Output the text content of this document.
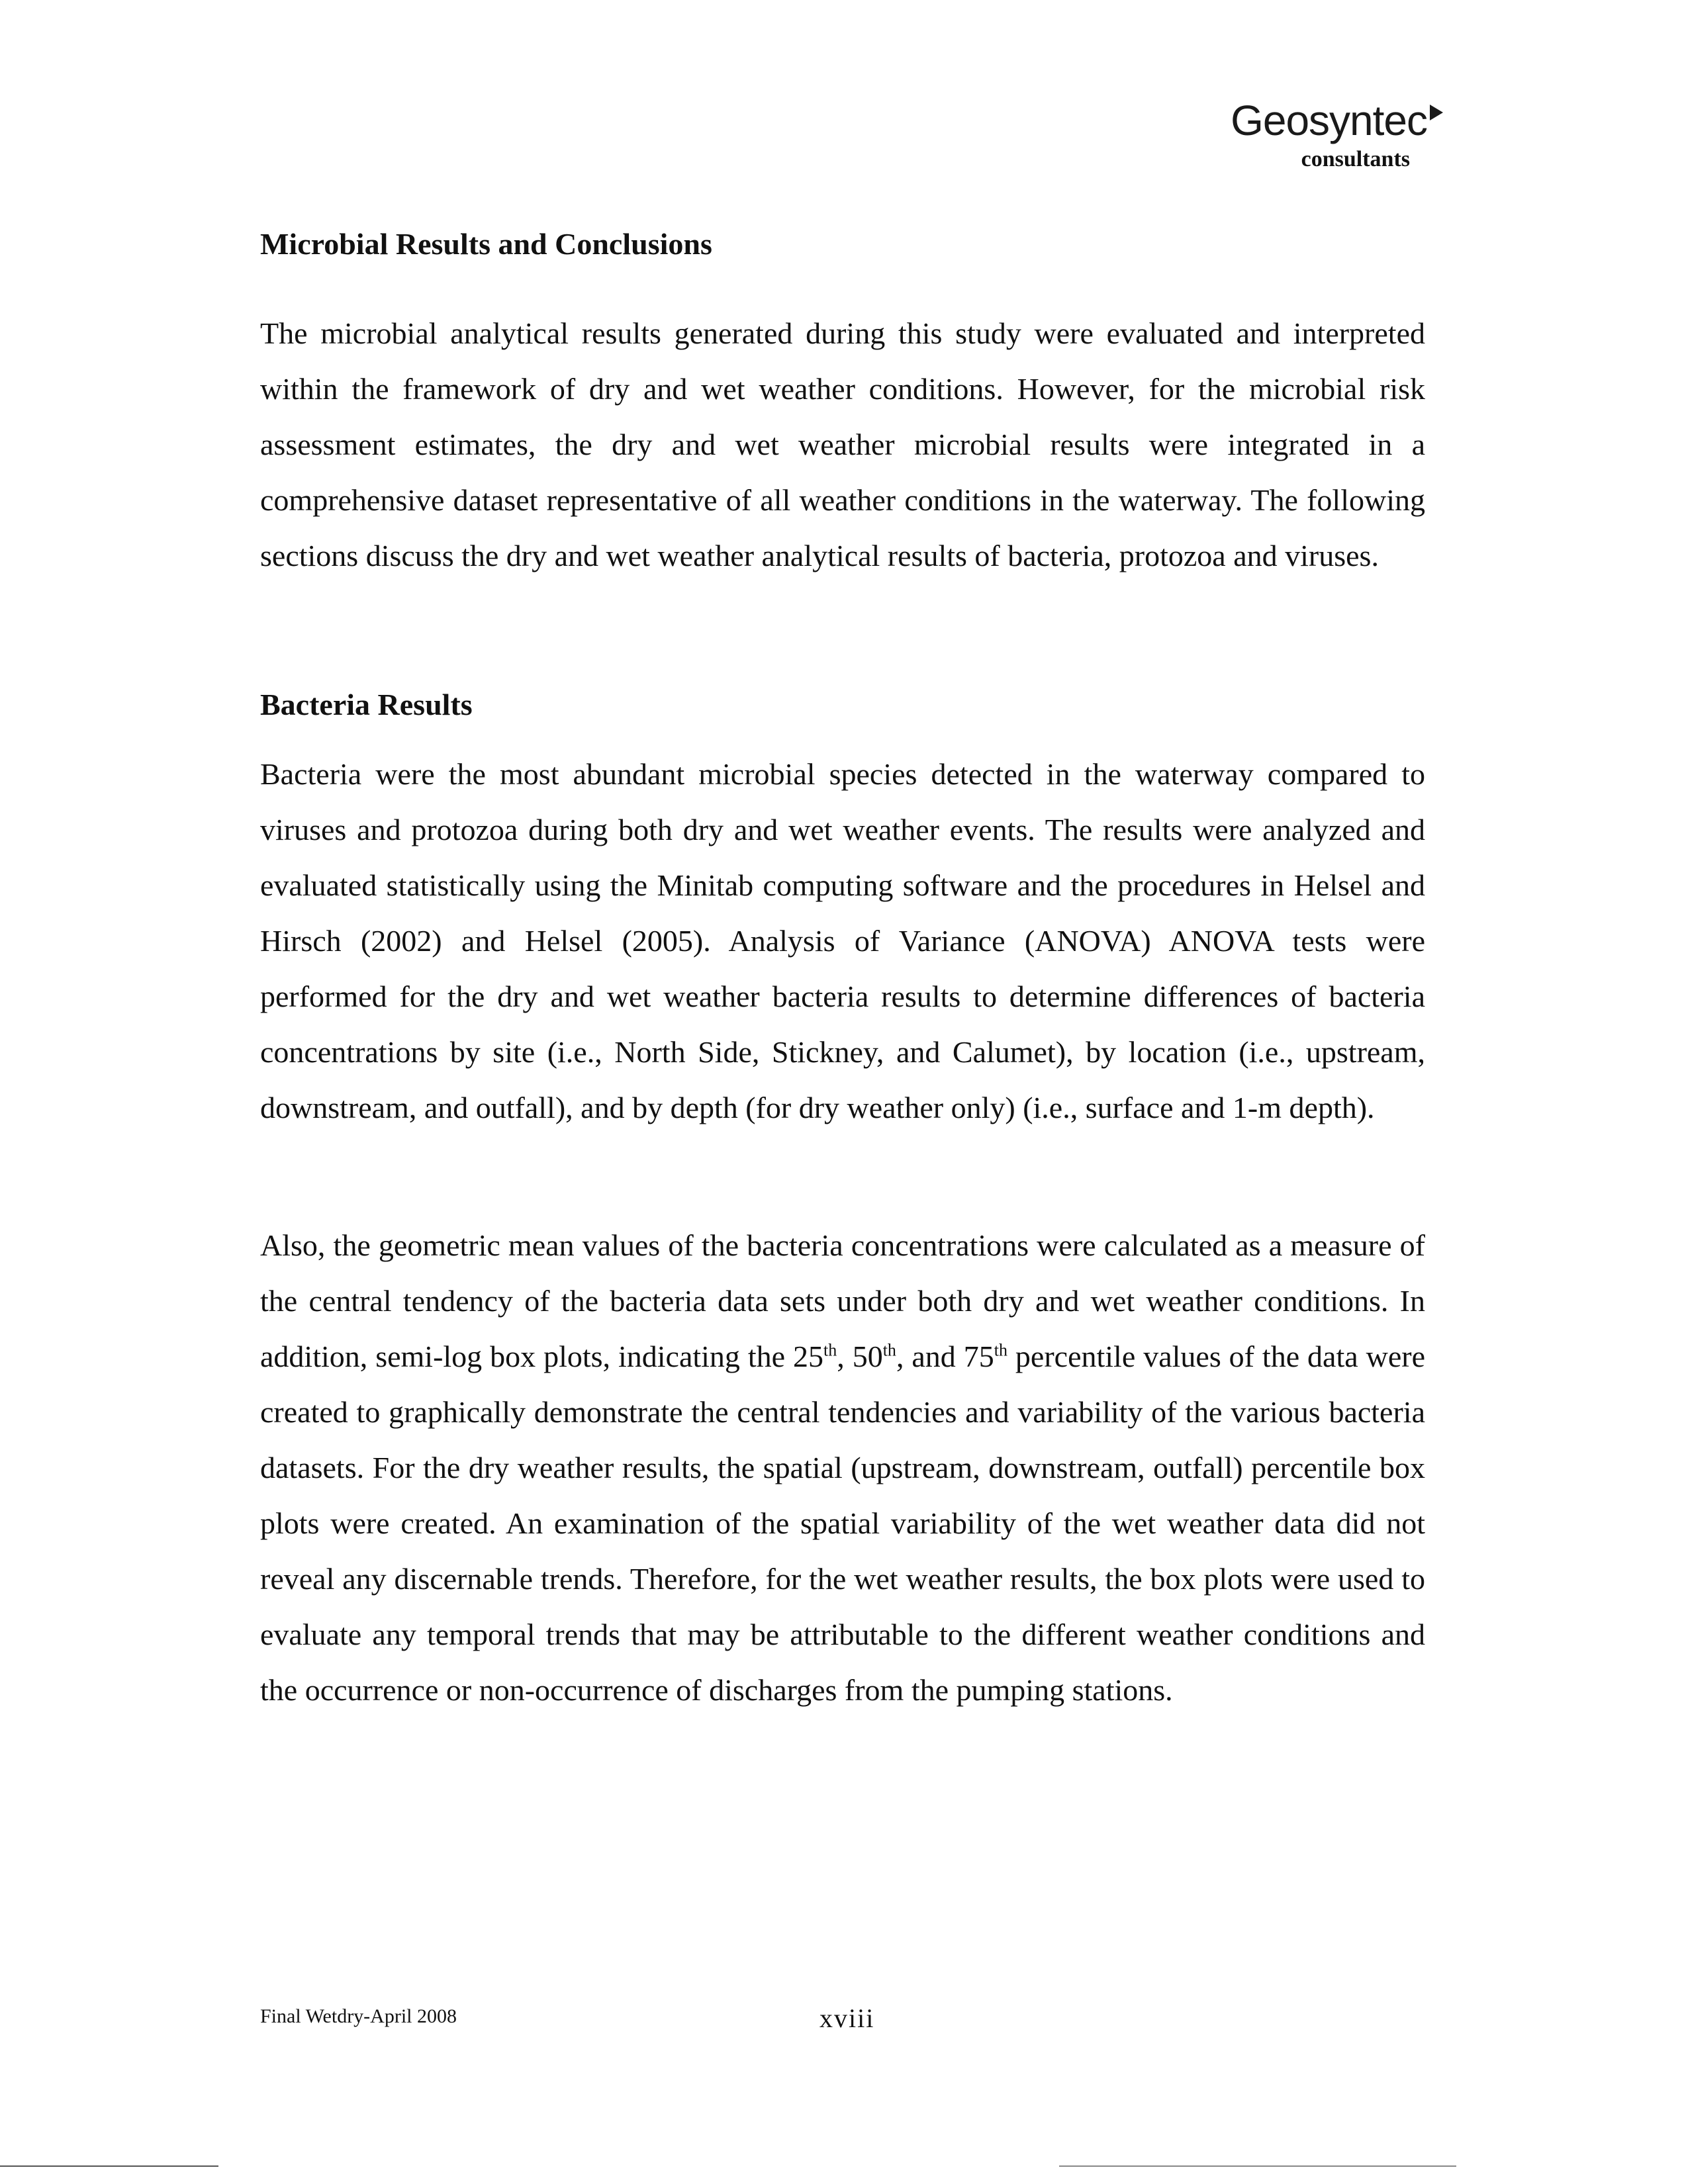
Geosyntec
consultants
Microbial Results and Conclusions
The microbial analytical results generated during this study were evaluated and interpreted within the framework of dry and wet weather conditions. However, for the microbial risk assessment estimates, the dry and wet weather microbial results were integrated in a comprehensive dataset representative of all weather conditions in the waterway. The following sections discuss the dry and wet weather analytical results of bacteria, protozoa and viruses.
Bacteria Results
Bacteria were the most abundant microbial species detected in the waterway compared to viruses and protozoa during both dry and wet weather events. The results were analyzed and evaluated statistically using the Minitab computing software and the procedures in Helsel and Hirsch (2002) and Helsel (2005). Analysis of Variance (ANOVA) ANOVA tests were performed for the dry and wet weather bacteria results to determine differences of bacteria concentrations by site (i.e., North Side, Stickney, and Calumet), by location (i.e., upstream, downstream, and outfall), and by depth (for dry weather only) (i.e., surface and 1-m depth).
Also, the geometric mean values of the bacteria concentrations were calculated as a measure of the central tendency of the bacteria data sets under both dry and wet weather conditions. In addition, semi-log box plots, indicating the 25th, 50th, and 75th percentile values of the data were created to graphically demonstrate the central tendencies and variability of the various bacteria datasets. For the dry weather results, the spatial (upstream, downstream, outfall) percentile box plots were created. An examination of the spatial variability of the wet weather data did not reveal any discernable trends. Therefore, for the wet weather results, the box plots were used to evaluate any temporal trends that may be attributable to the different weather conditions and the occurrence or non-occurrence of discharges from the pumping stations.
Final Wetdry-April 2008	xviii
